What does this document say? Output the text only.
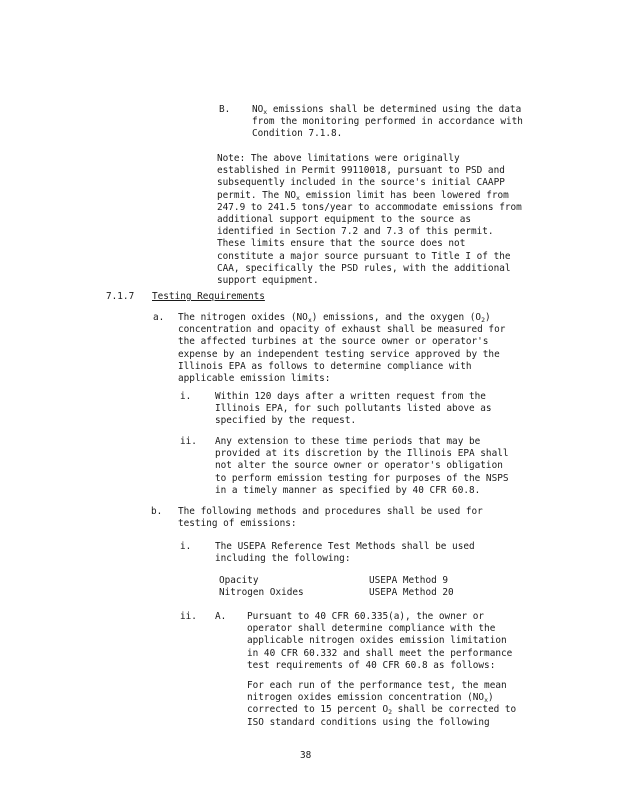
B. $NO_x$ emissions shall be determined using the data
from the monitoring performed in accordance with
Condition 7.1.8.
Note: The above limitations were originally
established in Permit 99110018, pursuant to PSD and
subsequently included in the source's initial CAAPP
permit. The $NO_x$ emission limit has been lowered from
247.9 to 241.5 tons/year to accommodate emissions from
additional support equipment to the source as
identified in Section 7.2 and 7.3 of this permit.
These limits ensure that the source does not
constitute a major source pursuant to Title I of the
CAA, specifically the PSD rules, with the additional
support equipment.
7.1.7 Testing Requirements
a. The nitrogen oxides $(NO_x)$ emissions, and the oxygen $(O_2)$
concentration and opacity of exhaust shall be measured for
the affected turbines at the source owner or operator's
expense by an independent testing service approved by the
Illinois EPA as follows to determine compliance with
applicable emission limits:
i.	Within 120 days after a written request from the
Illinois EPA, for such pollutants listed above as
specified by the request.
ii. Any extension to these time periods that may be
provided at its discretion by the Illinois EPA shall
not alter the source owner or operator's obligation
to perform emission testing for purposes of the NSPS
in a timely manner as specified by 40 CFR 60.8.
b. The following methods and procedures shall be used for
testing of emissions:
i.	The USEPA Reference Test Methods shall be used
including the following:
Opacity	USEPA Method 9
Nitrogen Oxides	USEPA Method 20
ii. A. Pursuant to 40 CFR 60.335(a), the owner or
operator shall determine compliance with the
applicable nitrogen oxides emission limitation
in 40 CFR 60.332 and shall meet the performance
test requirements of 40 CFR 60.8 as follows:
For each run of the performance test, the mean
nitrogen oxides emission concentration $(NO_x)$
corrected to 15 percent $O_2$ shall be corrected to
ISO standard conditions using the following
38
